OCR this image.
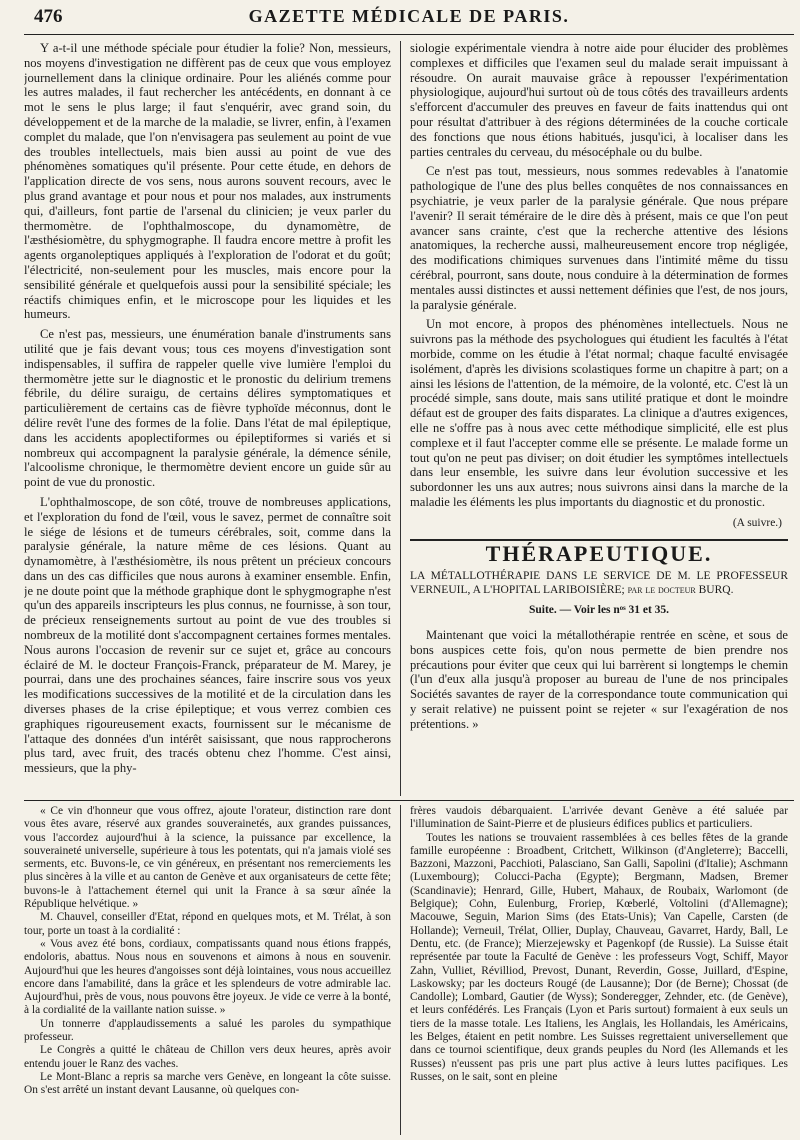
476	GAZETTE MÉDICALE DE PARIS.

Y a-t-il une méthode spéciale pour étudier la folie? Non, messieurs, nos moyens d'investigation ne diffèrent pas de ceux que vous employez journellement dans la clinique ordinaire. Pour les aliénés comme pour les autres malades, il faut rechercher les antécédents, en donnant à ce mot le sens le plus large; il faut s'enquérir, avec grand soin, du développement et de la marche de la maladie, se livrer, enfin, à l'examen complet du malade, que l'on n'envisagera pas seulement au point de vue des troubles intellectuels, mais bien aussi au point de vue des phénomènes somatiques qu'il présente. Pour cette étude, en dehors de l'application directe de vos sens, nous aurons souvent recours, avec le plus grand avantage et pour nous et pour nos malades, aux instruments qui, d'ailleurs, font partie de l'arsenal du clinicien; je veux parler du thermomètre. de l'ophthalmoscope, du dynamomètre, de l'æsthésiomètre, du sphygmographe. Il faudra encore mettre à profit les agents organoleptiques appliqués à l'exploration de l'odorat et du goût; l'électricité, non-seulement pour les muscles, mais encore pour la sensibilité générale et quelquefois aussi pour la sensibilité spéciale; les réactifs chimiques enfin, et le microscope pour les liquides et les humeurs.

Ce n'est pas, messieurs, une énumération banale d'instruments sans utilité que je fais devant vous; tous ces moyens d'investigation sont indispensables, il suffira de rappeler quelle vive lumière l'emploi du thermomètre jette sur le diagnostic et le pronostic du delirium tremens fébrile, du délire suraigu, de certains délires symptomatiques et particulièrement de certains cas de fièvre typhoïde méconnus, dont le délire revêt l'une des formes de la folie. Dans l'état de mal épileptique, dans les accidents apoplectiformes ou épileptiformes si variés et si nombreux qui accompagnent la paralysie générale, la démence sénile, l'alcoolisme chronique, le thermomètre devient encore un guide sûr au point de vue du pronostic.

L'ophthalmoscope, de son côté, trouve de nombreuses applications, et l'exploration du fond de l'œil, vous le savez, permet de connaître soit le siége de lésions et de tumeurs cérébrales, soit, comme dans la paralysie générale, la nature même de ces lésions. Quant au dynamomètre, à l'æsthésiomètre, ils nous prêtent un précieux concours dans un des cas difficiles que nous aurons à examiner ensemble. Enfin, je ne doute point que la méthode graphique dont le sphygmographe n'est qu'un des appareils inscripteurs les plus connus, ne fournisse, à son tour, de précieux renseignements surtout au point de vue des troubles si nombreux de la motilité dont s'accompagnent certaines formes mentales. Nous aurons l'occasion de revenir sur ce sujet et, grâce au concours éclairé de M. le docteur François-Franck, préparateur de M. Marey, je pourrai, dans une des prochaines séances, faire inscrire sous vos yeux les modifications successives de la motilité et de la circulation dans les diverses phases de la crise épileptique; et vous verrez combien ces graphiques rigoureusement exacts, fournissent sur le mécanisme de l'attaque des données d'un intérêt saisissant, que nous rapprocherons plus tard, avec fruit, des tracés obtenu chez l'homme. C'est ainsi, messieurs, que la phy-

siologie expérimentale viendra à notre aide pour élucider des problèmes complexes et difficiles que l'examen seul du malade serait impuissant à résoudre. On aurait mauvaise grâce à repousser l'expérimentation physiologique, aujourd'hui surtout où de tous côtés des travailleurs ardents s'efforcent d'accumuler des preuves en faveur de faits inattendus qui ont pour résultat d'attribuer à des régions déterminées de la couche corticale des fonctions que nous étions habitués, jusqu'ici, à localiser dans les parties centrales du cerveau, du mésocéphale ou du bulbe.

Ce n'est pas tout, messieurs, nous sommes redevables à l'anatomie pathologique de l'une des plus belles conquêtes de nos connaissances en psychiatrie, je veux parler de la paralysie générale. Que nous prépare l'avenir? Il serait téméraire de le dire dès à présent, mais ce que l'on peut avancer sans crainte, c'est que la recherche attentive des lésions anatomiques, la recherche aussi, malheureusement encore trop négligée, des modifications chimiques survenues dans l'intimité même du tissu cérébral, pourront, sans doute, nous conduire à la détermination de formes mentales aussi distinctes et aussi nettement définies que l'est, de nos jours, la paralysie générale.

Un mot encore, à propos des phénomènes intellectuels. Nous ne suivrons pas la méthode des psychologues qui étudient les facultés à l'état morbide, comme on les étudie à l'état normal; chaque faculté envisagée isolément, d'après les divisions scolastiques forme un chapitre à part; on a ainsi les lésions de l'attention, de la mémoire, de la volonté, etc. C'est là un procédé simple, sans doute, mais sans utilité pratique et dont le moindre défaut est de grouper des faits disparates. La clinique a d'autres exigences, elle ne s'offre pas à nous avec cette méthodique simplicité, elle est plus complexe et il faut l'accepter comme elle se présente. Le malade forme un tout qu'on ne peut pas diviser; on doit étudier les symptômes intellectuels dans leur ensemble, les suivre dans leur évolution successive et les subordonner les uns aux autres; nous suivrons ainsi dans la marche de la maladie les éléments les plus importants du diagnostic et du pronostic.

(A suivre.)
THÉRAPEUTIQUE.
LA MÉTALLOTHÉRAPIE DANS LE SERVICE DE M. LE PROFESSEUR VERNEUIL, A L'HOPITAL LARIBOISIÈRE; par le docteur BURQ.
Suite. — Voir les nᵒˢ 31 et 35.

Maintenant que voici la métallothérapie rentrée en scène, et sous de bons auspices cette fois, qu'on nous permette de bien prendre nos précautions pour éviter que ceux qui lui barrèrent si longtemps le chemin (l'un d'eux alla jusqu'à proposer au bureau de l'une de nos principales Sociétés savantes de rayer de la correspondance toute communication qui y serait relative) ne puissent point se rejeter « sur l'exagération de nos prétentions. »

« Ce vin d'honneur que vous offrez, ajoute l'orateur, distinction rare dont vous êtes avare, réservé aux grandes souverainetés, aux grandes puissances, vous l'accordez aujourd'hui à la science, la puissance par excellence, la souveraineté universelle, supérieure à tous les potentats, qui n'a jamais violé ses serments, etc. Buvons-le, ce vin généreux, en présentant nos remerciements les plus sincères à la ville et au canton de Genève et aux organisateurs de cette fête; buvons-le à l'attachement éternel qui unit la France à sa sœur aînée la République helvétique. »

M. Chauvel, conseiller d'Etat, répond en quelques mots, et M. Trélat, à son tour, porte un toast à la cordialité :

« Vous avez été bons, cordiaux, compatissants quand nous étions frappés, endoloris, abattus. Nous nous en souvenons et aimons à nous en souvenir. Aujourd'hui que les heures d'angoisses sont déjà lointaines, vous nous accueillez encore dans l'amabilité, dans la grâce et les splendeurs de votre admirable lac. Aujourd'hui, près de vous, nous pouvons être joyeux. Je vide ce verre à la bonté, à la cordialité de la vaillante nation suisse. »

Un tonnerre d'applaudissements a salué les paroles du sympathique professeur.

Le Congrès a quitté le château de Chillon vers deux heures, après avoir entendu jouer le Ranz des vaches.

Le Mont-Blanc a repris sa marche vers Genève, en longeant la côte suisse. On s'est arrêté un instant devant Lausanne, où quelques con-

frères vaudois débarquaient. L'arrivée devant Genève a été saluée par l'illumination de Saint-Pierre et de plusieurs édifices publics et particuliers.

Toutes les nations se trouvaient rassemblées à ces belles fêtes de la grande famille européenne : Broadbent, Critchett, Wilkinson (d'Angleterre); Baccelli, Bazzoni, Mazzoni, Pacchioti, Palasciano, San Galli, Sapolini (d'Italie); Aschmann (Luxembourg); Colucci-Pacha (Egypte); Bergmann, Madsen, Bremer (Scandinavie); Henrard, Gille, Hubert, Mahaux, de Roubaix, Warlomont (de Belgique); Cohn, Eulenburg, Froriep, Kœberlé, Voltolini (d'Allemagne); Macouwe, Seguin, Marion Sims (des Etats-Unis); Van Capelle, Carsten (de Hollande); Verneuil, Trélat, Ollier, Duplay, Chauveau, Gavarret, Hardy, Ball, Le Dentu, etc. (de France); Mierzejewsky et Pagenkopf (de Russie). La Suisse était représentée par toute la Faculté de Genève : les professeurs Vogt, Schiff, Mayor Zahn, Vulliet, Révilliod, Prevost, Dunant, Reverdin, Gosse, Juillard, d'Espine, Laskowsky; par les docteurs Rougé (de Lausanne); Dor (de Berne); Chossat (de Candolle); Lombard, Gautier (de Wyss); Sonderegger, Zehnder, etc. (de Genève), et leurs confédérés. Les Français (Lyon et Paris surtout) formaient à eux seuls un tiers de la masse totale. Les Italiens, les Anglais, les Hollandais, les Américains, les Belges, étaient en petit nombre. Les Suisses regrettaient universellement que dans ce tournoi scientifique, deux grands peuples du Nord (les Allemands et les Russes) n'eussent pas pris une part plus active à leurs luttes pacifiques. Les Russes, on le sait, sont en pleine
